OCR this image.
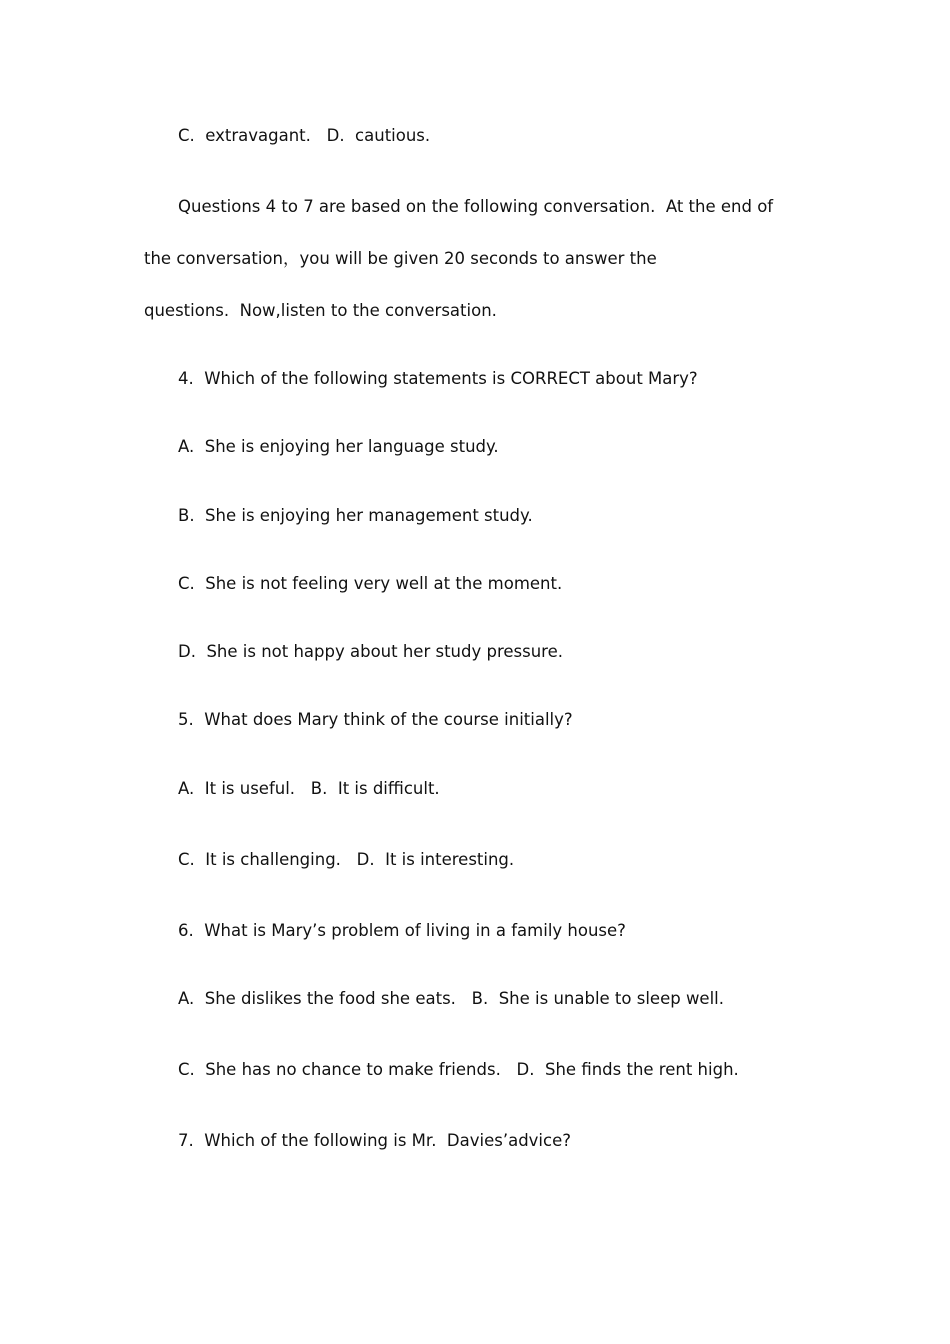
C.  extravagant.   D.  cautious.
Questions 4 to 7 are based on the following conversation.  At the end of
the conversation，you will be given 20 seconds to answer the
questions.  Now,listen to the conversation.
4.  Which of the following statements is CORRECT about Mary?
A.  She is enjoying her language study.
B.  She is enjoying her management study.
C.  She is not feeling very well at the moment.
D.  She is not happy about her study pressure.
5.  What does Mary think of the course initially?
A.  It is useful.   B.  It is difficult.
C.  It is challenging.   D.  It is interesting.
6.  What is Mary’s problem of living in a family house?
A.  She dislikes the food she eats.   B.  She is unable to sleep well.
C.  She has no chance to make friends.   D.  She finds the rent high.
7.  Which of the following is Mr.  Davies’advice?
